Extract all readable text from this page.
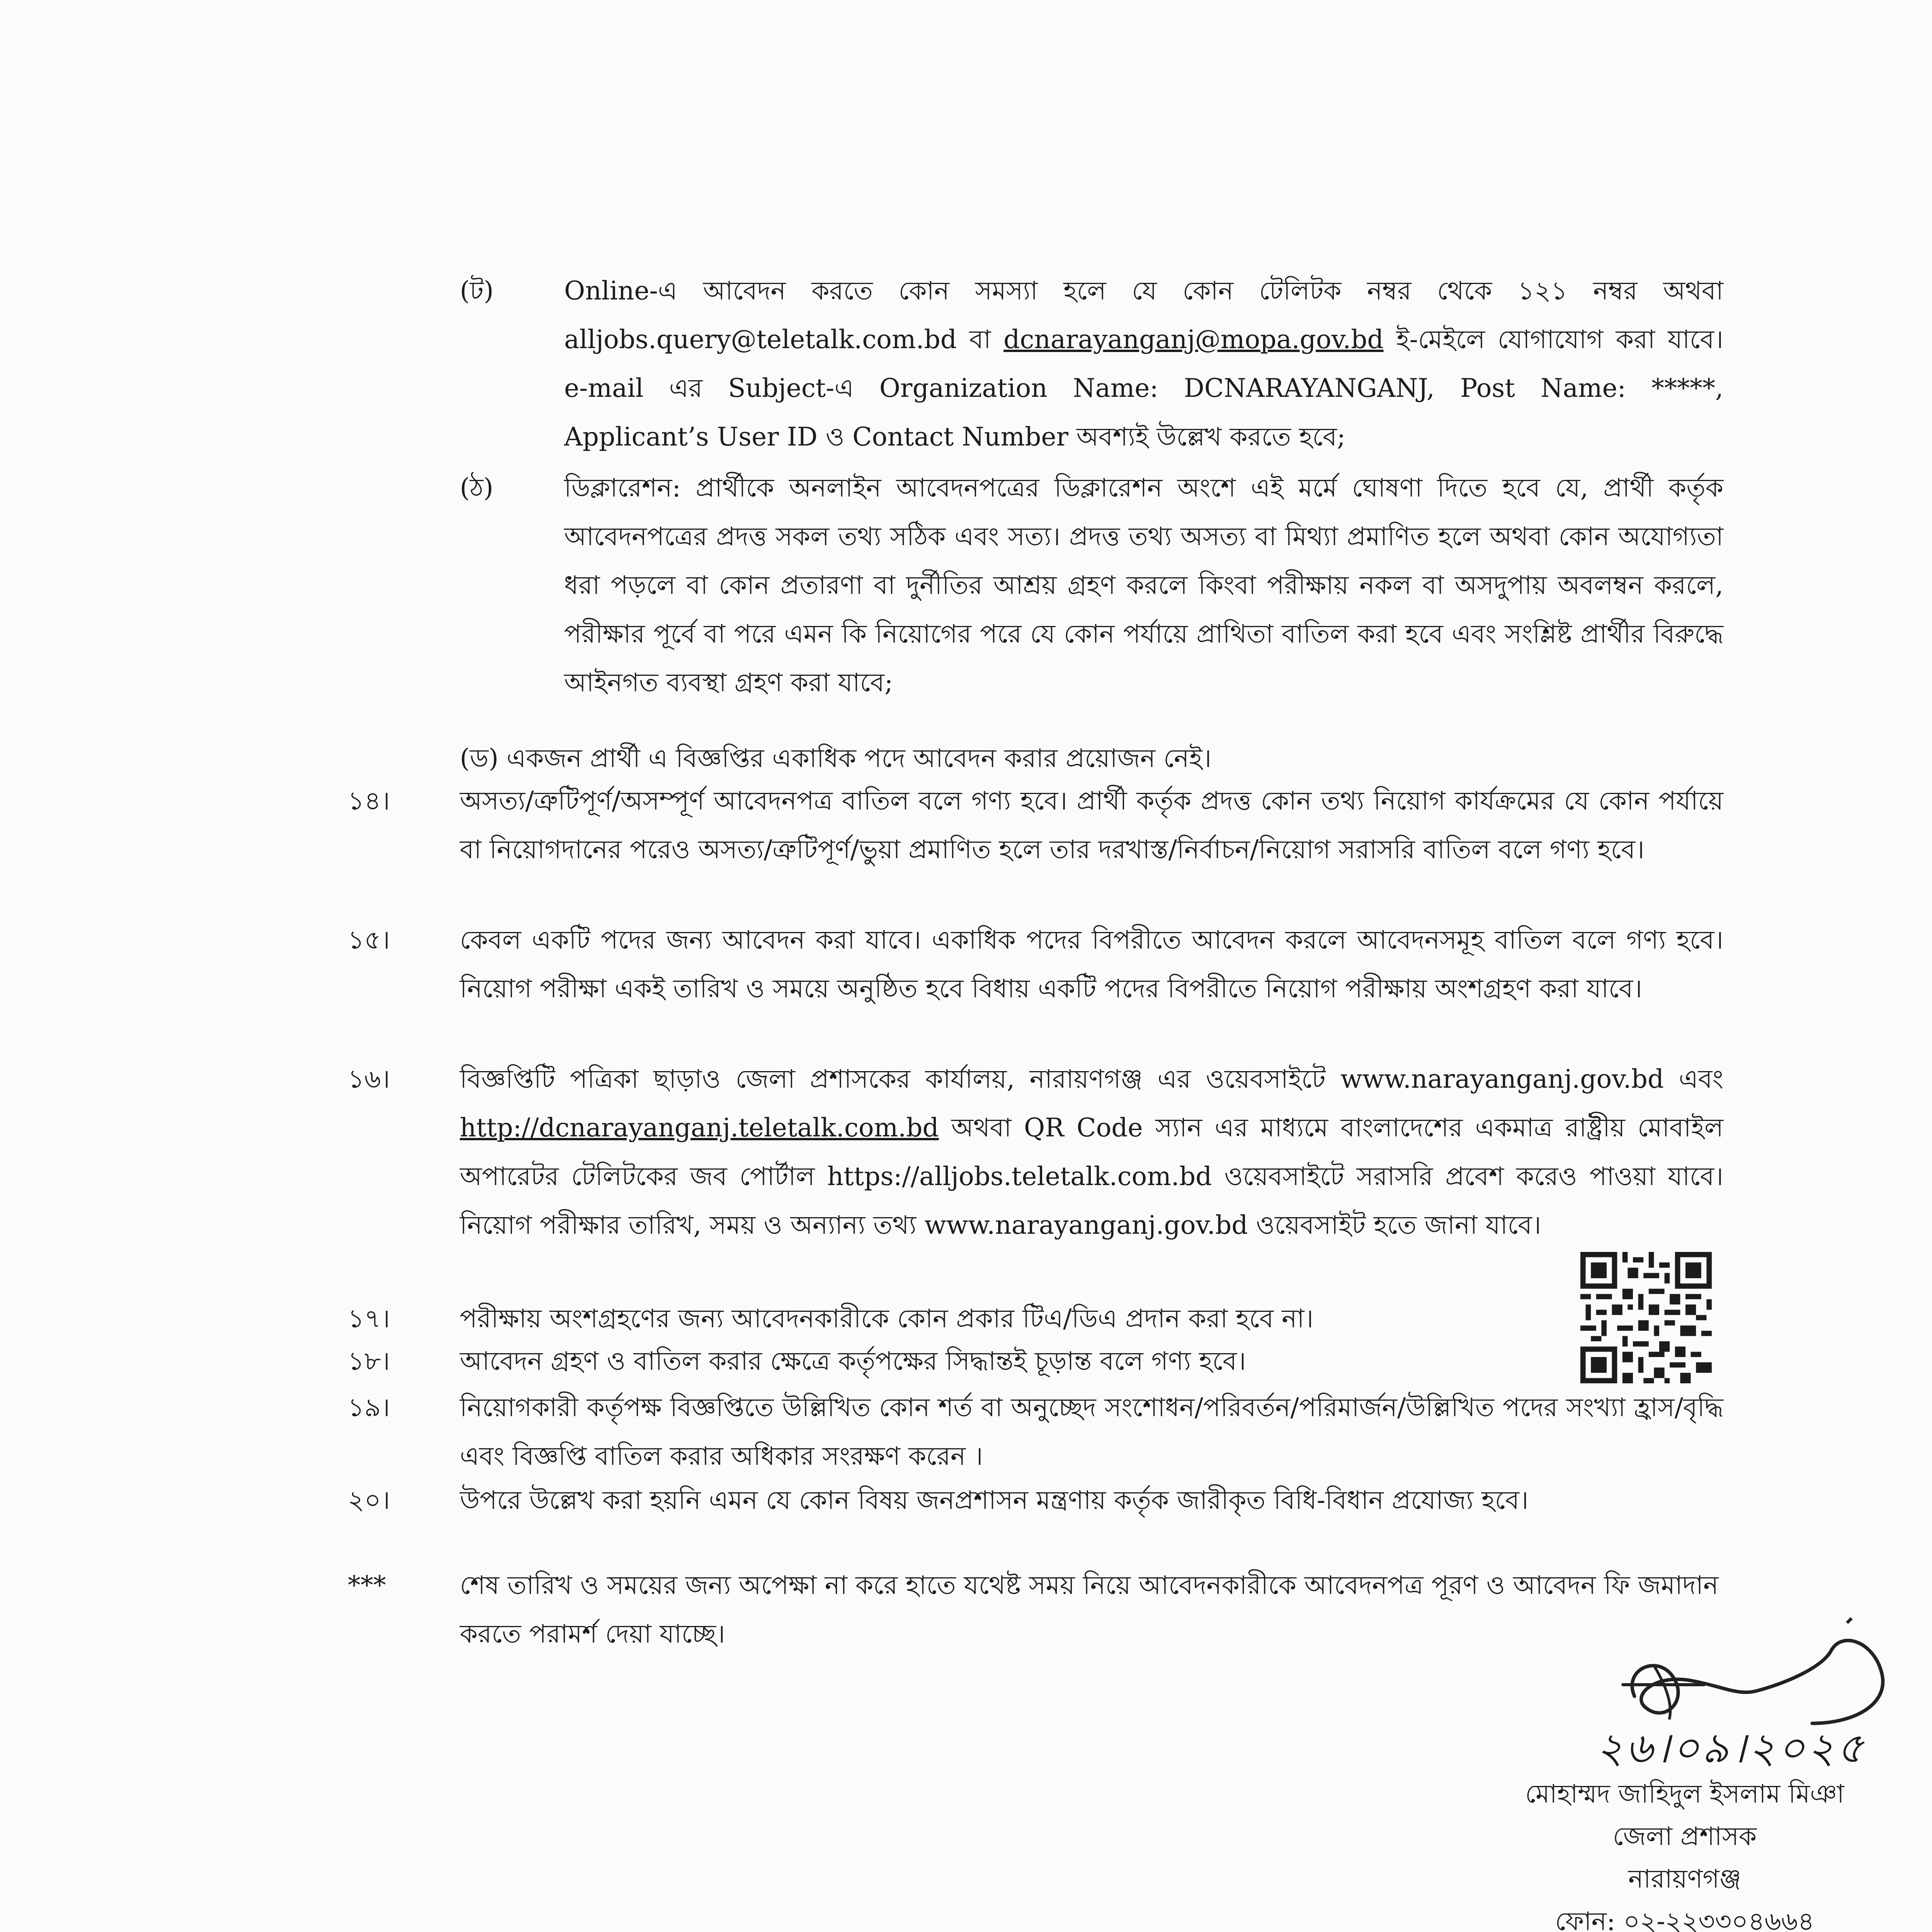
(ট)	Online-এ আবেদন করতে কোন সমস্যা হলে যে কোন টেলিটক নম্বর থেকে ১২১ নম্বর অথবা alljobs.query@teletalk.com.bd বা dcnarayanganj@mopa.gov.bd ই-মেইলে যোগাযোগ করা যাবে। e-mail এর Subject-এ Organization Name: DCNARAYANGANJ, Post Name: *****, Applicant’s User ID ও Contact Number অবশ্যই উল্লেখ করতে হবে;
(ঠ)	ডিক্লারেশন: প্রার্থীকে অনলাইন আবেদনপত্রের ডিক্লারেশন অংশে এই মর্মে ঘোষণা দিতে হবে যে, প্রার্থী কর্তৃক আবেদনপত্রের প্রদত্ত সকল তথ্য সঠিক এবং সত্য। প্রদত্ত তথ্য অসত্য বা মিথ্যা প্রমাণিত হলে অথবা কোন অযোগ্যতা ধরা পড়লে বা কোন প্রতারণা বা দুর্নীতির আশ্রয় গ্রহণ করলে কিংবা পরীক্ষায় নকল বা অসদুপায় অবলম্বন করলে, পরীক্ষার পূর্বে বা পরে এমন কি নিয়োগের পরে যে কোন পর্যায়ে প্রাথিতা বাতিল করা হবে এবং সংশ্লিষ্ট প্রার্থীর বিরুদ্ধে আইনগত ব্যবস্থা গ্রহণ করা যাবে;
(ড) একজন প্রার্থী এ বিজ্ঞপ্তির একাধিক পদে আবেদন করার প্রয়োজন নেই।
১৪।	অসত্য/ত্রুটিপূর্ণ/অসম্পূর্ণ আবেদনপত্র বাতিল বলে গণ্য হবে। প্রার্থী কর্তৃক প্রদত্ত কোন তথ্য নিয়োগ কার্যক্রমের যে কোন পর্যায়ে বা নিয়োগদানের পরেও অসত্য/ত্রুটিপূর্ণ/ভুয়া প্রমাণিত হলে তার দরখাস্ত/নির্বাচন/নিয়োগ সরাসরি বাতিল বলে গণ্য হবে।
১৫।	কেবল একটি পদের জন্য আবেদন করা যাবে। একাধিক পদের বিপরীতে আবেদন করলে আবেদনসমূহ বাতিল বলে গণ্য হবে। নিয়োগ পরীক্ষা একই তারিখ ও সময়ে অনুষ্ঠিত হবে বিধায় একটি পদের বিপরীতে নিয়োগ পরীক্ষায় অংশগ্রহণ করা যাবে।
১৬।	বিজ্ঞপ্তিটি পত্রিকা ছাড়াও জেলা প্রশাসকের কার্যালয়, নারায়ণগঞ্জ এর ওয়েবসাইটে www.narayanganj.gov.bd এবং http://dcnarayanganj.teletalk.com.bd অথবা QR Code স্যান এর মাধ্যমে বাংলাদেশের একমাত্র রাষ্ট্রীয় মোবাইল অপারেটর টেলিটকের জব পোর্টাল https://alljobs.teletalk.com.bd ওয়েবসাইটে সরাসরি প্রবেশ করেও পাওয়া যাবে। নিয়োগ পরীক্ষার তারিখ, সময় ও অন্যান্য তথ্য www.narayanganj.gov.bd ওয়েবসাইট হতে জানা যাবে।
১৭।	পরীক্ষায় অংশগ্রহণের জন্য আবেদনকারীকে কোন প্রকার টিএ/ডিএ প্রদান করা হবে না।
১৮।	আবেদন গ্রহণ ও বাতিল করার ক্ষেত্রে কর্তৃপক্ষের সিদ্ধান্তই চূড়ান্ত বলে গণ্য হবে।
১৯।	নিয়োগকারী কর্তৃপক্ষ বিজ্ঞপ্তিতে উল্লিখিত কোন শর্ত বা অনুচ্ছেদ সংশোধন/পরিবর্তন/পরিমার্জন/উল্লিখিত পদের সংখ্যা হ্রাস/বৃদ্ধি এবং বিজ্ঞপ্তি বাতিল করার অধিকার সংরক্ষণ করেন ।
২০।	উপরে উল্লেখ করা হয়নি এমন যে কোন বিষয় জনপ্রশাসন মন্ত্রণায় কর্তৃক জারীকৃত বিধি-বিধান প্রযোজ্য হবে।
***	শেষ তারিখ ও সময়ের জন্য অপেক্ষা না করে হাতে যথেষ্ট সময় নিয়ে আবেদনকারীকে আবেদনপত্র পূরণ ও আবেদন ফি জমাদান করতে পরামর্শ দেয়া যাচ্ছে।
২৬।০৯।২০২৫
মোহাম্মদ জাহিদুল ইসলাম মিঞা
জেলা প্রশাসক
নারায়ণগঞ্জ
ফোন: ০২-২২৩৩০৪৬৬৪
